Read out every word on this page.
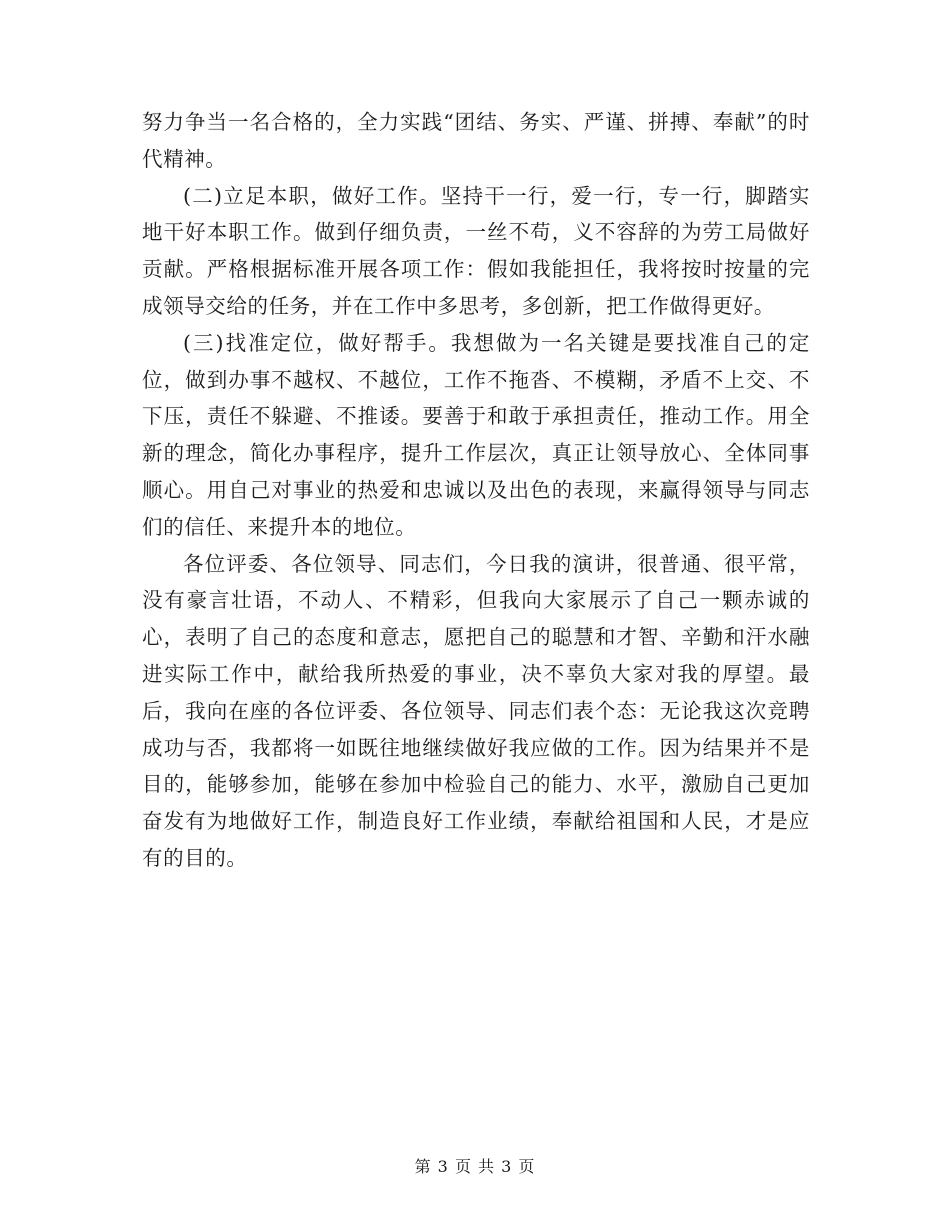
努力争当一名合格的，全力实践“团结、务实、严谨、拼搏、奉献”的时代精神。

(二)立足本职，做好工作。坚持干一行，爱一行，专一行，脚踏实地干好本职工作。做到仔细负责，一丝不苟，义不容辞的为劳工局做好贡献。严格根据标准开展各项工作：假如我能担任，我将按时按量的完成领导交给的任务，并在工作中多思考，多创新，把工作做得更好。

(三)找准定位，做好帮手。我想做为一名关键是要找准自己的定位，做到办事不越权、不越位，工作不拖沓、不模糊，矛盾不上交、不下压，责任不躲避、不推诿。要善于和敢于承担责任，推动工作。用全新的理念，简化办事程序，提升工作层次，真正让领导放心、全体同事顺心。用自己对事业的热爱和忠诚以及出色的表现，来赢得领导与同志们的信任、来提升本的地位。

各位评委、各位领导、同志们，今日我的演讲，很普通、很平常，没有豪言壮语，不动人、不精彩，但我向大家展示了自己一颗赤诚的心，表明了自己的态度和意志，愿把自己的聪慧和才智、辛勤和汗水融进实际工作中，献给我所热爱的事业，决不辜负大家对我的厚望。最后，我向在座的各位评委、各位领导、同志们表个态：无论我这次竞聘成功与否，我都将一如既往地继续做好我应做的工作。因为结果并不是目的，能够参加，能够在参加中检验自己的能力、水平，激励自己更加奋发有为地做好工作，制造良好工作业绩，奉献给祖国和人民，才是应有的目的。

第 3 页 共 3 页
